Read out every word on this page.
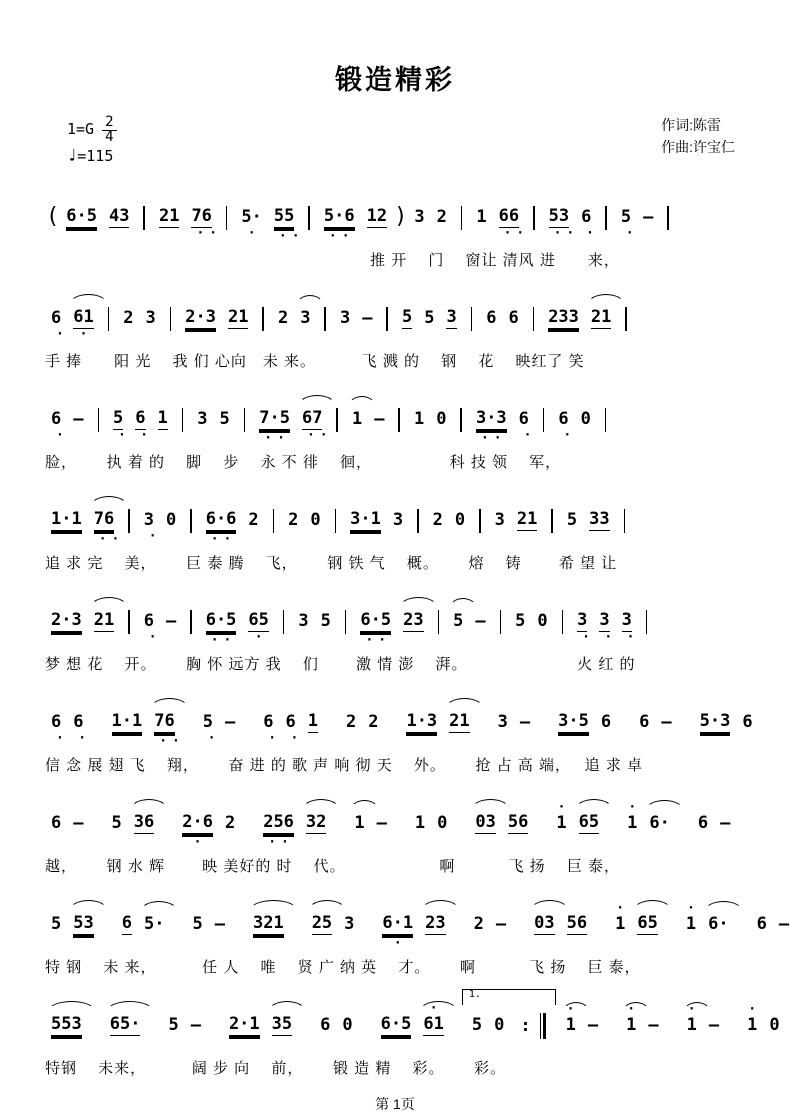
锻造精彩
$1=G \frac{2}{4}$
♩=115
作词:陈雷
作曲:许宝仁
( 6·5 43 21 76
··
5·
·
55
··
5·6
··
12 ) 3 2 1 66
··
53
··
6
·
5
·
—
推 开　 门　 窗让 清风 进　　来，
6
·
61
·
2 3 2·3 21 2 3 3 — 5 5 3 6 6 233 21
手 捧　　阳 光　 我 们 心向　未 来。　　　 飞 溅 的　 钢　 花　 映红了 笑
6
·
— 5
·
6
·
1 3 5 7·5
··
67
··
1 — 1 0 3·3
··
6
·
6
·
0
脸，　　 执 着 的　 脚　 步　 永 不 徘　 徊，　　　　　 科 技 领　 军，
1·1 76
··
3
·
0 6·6
··
2 2 0 3·1 3 2 0 3 21 5 33
追 求 完　 美，　　 巨 泰 腾　 飞，　　 钢 铁 气　 概。　　 熔　 铸　　 希 望 让
2·3 21 6
·
— 6·5
··
65
·
3 5 6·5
··
23 5 — 5 0 3
·
3
·
3
·
梦 想 花　 开。　　 胸 怀 远方 我　 们　　 激 情 澎　 湃。　　　　　　　 火 红 的
6
·
6
·
1·1 76
··
5
·
— 6
·
6
·
1 2 2 1·3 21 3 — 3·5 6 6 — 5·3 6
信 念 展 翅 飞　 翔，　　 奋 进 的 歌 声 响 彻 天　 外。　　 抢 占 高 端，　 追 求 卓
6 — 5 36 2·6
·
2 256
··
32 1 — 1 0 03 56 1
·
65 1
·
6· 6 —
越，　　 钢 水 辉　　 映 美好的 时　 代。　　　　　　 啊　　　 飞 扬　 巨 泰，
5 53 6 5· 5 — 321 25 3 6·1
·
23 2 — 03 56 1
·
65 1
·
6· 6 —
特 钢　 未 来，　　　 任 人　 唯　 贤 广 纳 英　 才。　　 啊　　　 飞 扬　 巨 泰，
553 65· 5 — 2·1 35 6 0 6·5 61
·
1.
5 0 :	1
·
— 1
·
— 1
·
— 1
·
0
特钢　 未来，　　　 阔 步 向　 前，　　 锻 造 精　 彩。　　 彩。
第 1页
